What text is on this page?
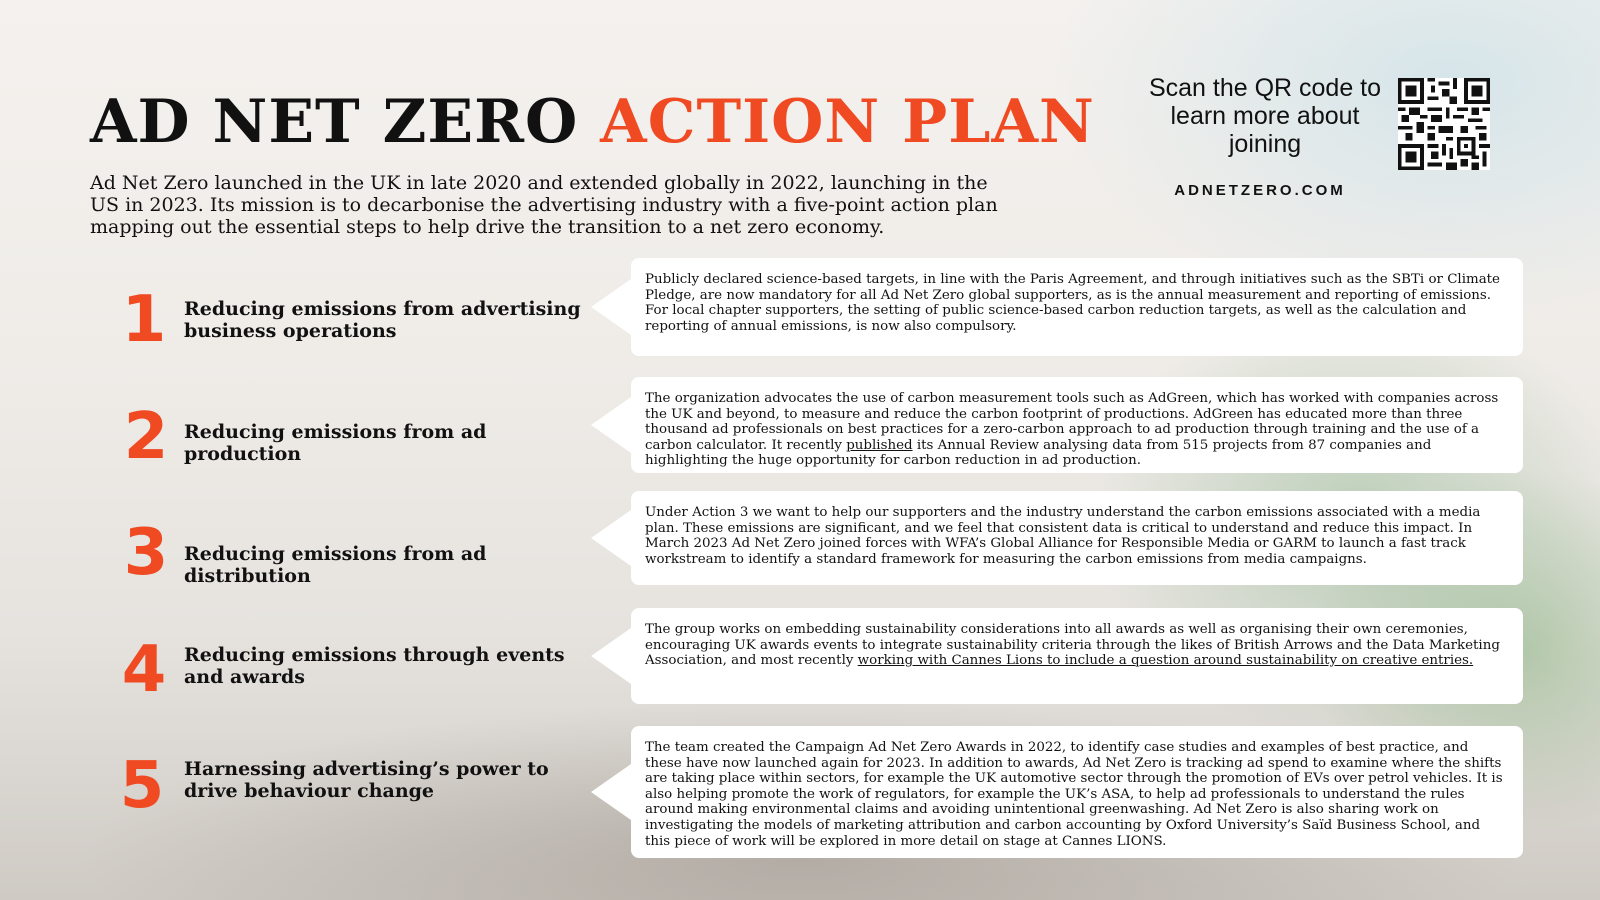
AD NET ZERO ACTION PLAN
Ad Net Zero launched in the UK in late 2020 and extended globally in 2022, launching in the US in 2023. Its mission is to decarbonise the advertising industry with a five-point action plan mapping out the essential steps to help drive the transition to a net zero economy.
Scan the QR code to learn more about joining
ADNETZERO.COM
1 Reducing emissions from advertising business operations
Publicly declared science-based targets, in line with the Paris Agreement, and through initiatives such as the SBTi or Climate Pledge, are now mandatory for all Ad Net Zero global supporters, as is the annual measurement and reporting of emissions. For local chapter supporters, the setting of public science-based carbon reduction targets, as well as the calculation and reporting of annual emissions, is now also compulsory.
2 Reducing emissions from ad production
The organization advocates the use of carbon measurement tools such as AdGreen, which has worked with companies across the UK and beyond, to measure and reduce the carbon footprint of productions. AdGreen has educated more than three thousand ad professionals on best practices for a zero-carbon approach to ad production through training and the use of a carbon calculator. It recently published its Annual Review analysing data from 515 projects from 87 companies and highlighting the huge opportunity for carbon reduction in ad production.
3 Reducing emissions from ad distribution
Under Action 3 we want to help our supporters and the industry understand the carbon emissions associated with a media plan. These emissions are significant, and we feel that consistent data is critical to understand and reduce this impact. In March 2023 Ad Net Zero joined forces with WFA’s Global Alliance for Responsible Media or GARM to launch a fast track workstream to identify a standard framework for measuring the carbon emissions from media campaigns.
4 Reducing emissions through events and awards
The group works on embedding sustainability considerations into all awards as well as organising their own ceremonies, encouraging UK awards events to integrate sustainability criteria through the likes of British Arrows and the Data Marketing Association, and most recently working with Cannes Lions to include a question around sustainability on creative entries.
5	Harnessing advertising’s power to drive behaviour change
The team created the Campaign Ad Net Zero Awards in 2022, to identify case studies and examples of best practice, and these have now launched again for 2023. In addition to awards, Ad Net Zero is tracking ad spend to examine where the shifts are taking place within sectors, for example the UK automotive sector through the promotion of EVs over petrol vehicles. It is also helping promote the work of regulators, for example the UK’s ASA, to help ad professionals to understand the rules around making environmental claims and avoiding unintentional greenwashing. Ad Net Zero is also sharing work on investigating the models of marketing attribution and carbon accounting by Oxford University’s Saïd Business School, and this piece of work will be explored in more detail on stage at Cannes LIONS.
